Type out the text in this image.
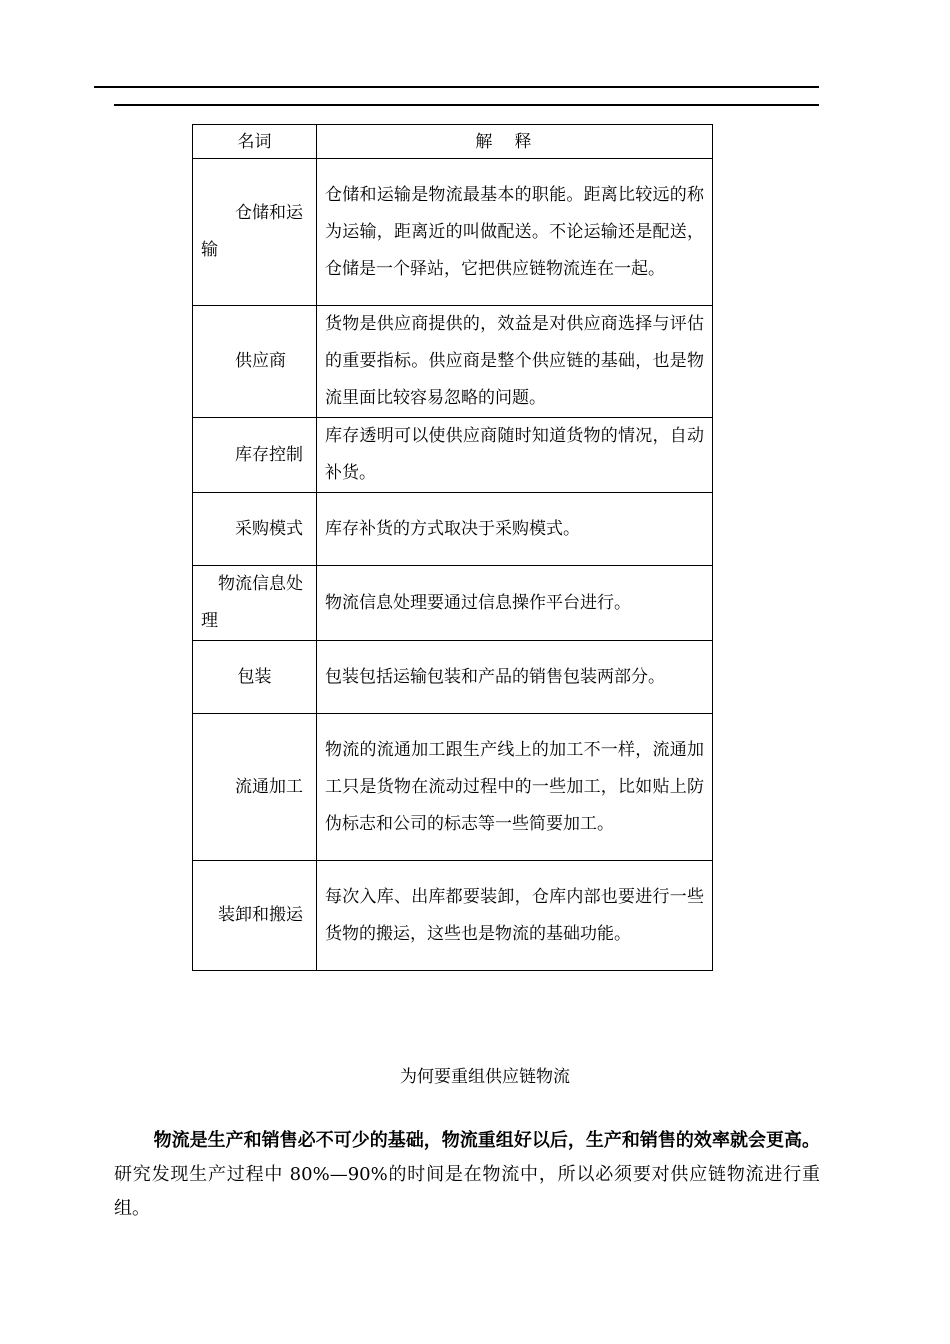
名词	解释
仓储和运输	仓储和运输是物流最基本的职能。距离比较远的称为运输，距离近的叫做配送。不论运输还是配送，仓储是一个驿站，它把供应链物流连在一起。
供应商	货物是供应商提供的，效益是对供应商选择与评估的重要指标。供应商是整个供应链的基础，也是物流里面比较容易忽略的问题。
库存控制	库存透明可以使供应商随时知道货物的情况，自动补货。
采购模式	库存补货的方式取决于采购模式。
物流信息处理	物流信息处理要通过信息操作平台进行。
包装	包装包括运输包装和产品的销售包装两部分。
流通加工	物流的流通加工跟生产线上的加工不一样，流通加工只是货物在流动过程中的一些加工，比如贴上防伪标志和公司的标志等一些简要加工。
装卸和搬运	每次入库、出库都要装卸，仓库内部也要进行一些货物的搬运，这些也是物流的基础功能。
为何要重组供应链物流

物流是生产和销售必不可少的基础，物流重组好以后，生产和销售的效率就会更高。研究发现生产过程中 80%—90%的时间是在物流中，所以必须要对供应链物流进行重组。
